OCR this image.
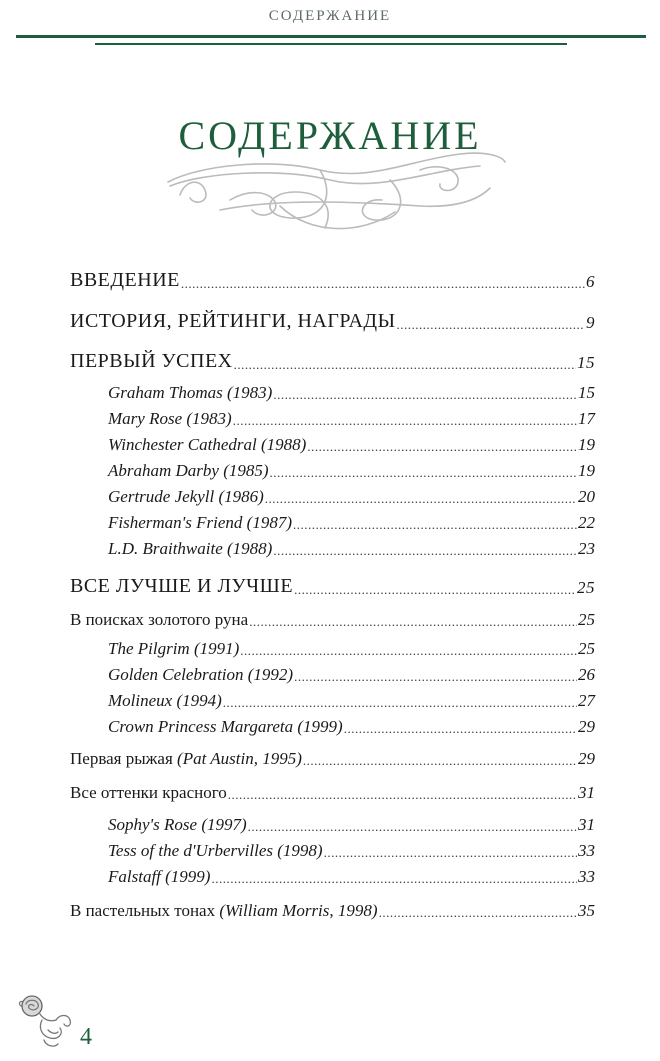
СОДЕРЖАНИЕ
СОДЕРЖАНИЕ
ВВЕДЕНИЕ .....	6
ИСТОРИЯ, РЕЙТИНГИ, НАГРАДЫ .....	9
ПЕРВЫЙ УСПЕХ .....	15
Graham Thomas (1983) .....	15
Mary Rose (1983) .....	17
Winchester Cathedral (1988) .....	19
Abraham Darby (1985) .....	19
Gertrude Jekyll (1986) .....	20
Fisherman's Friend (1987) .....	22
L.D. Braithwaite (1988) .....	23
ВСЕ ЛУЧШЕ И ЛУЧШЕ .....	25
В поисках золотого руна .....	25
The Pilgrim (1991) .....	25
Golden Celebration (1992) .....	26
Molineux (1994) .....	27
Crown Princess Margareta (1999) .....	29
Первая рыжая (Pat Austin, 1995) .....	29
Все оттенки красного .....	31
Sophy's Rose (1997) .....	31
Tess of the d'Urbervilles (1998) .....	33
Falstaff (1999) .....	33
В пастельных тонах (William Morris, 1998) .....	35
4
